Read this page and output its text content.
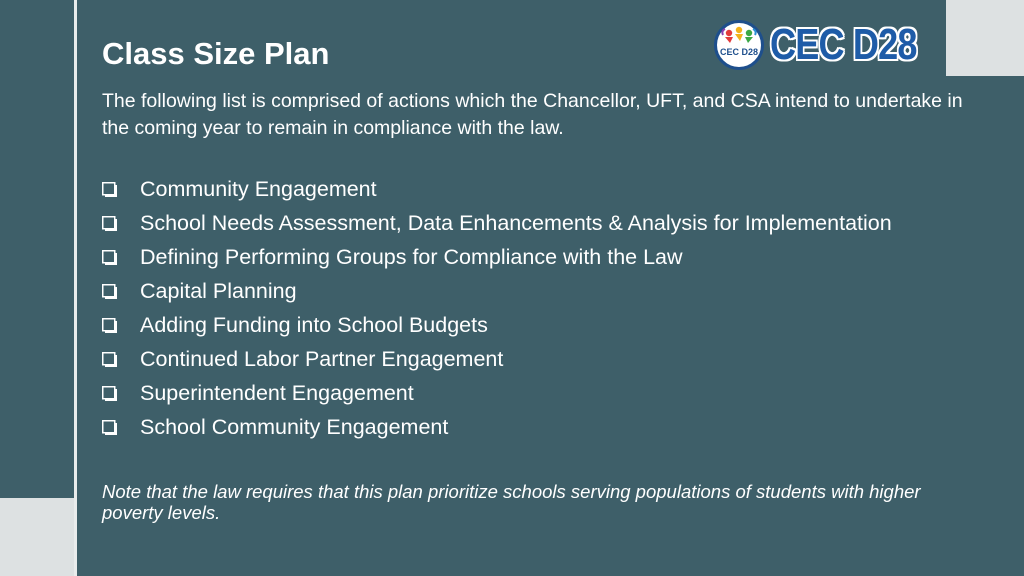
CEC D28 CEC D28
Class Size Plan

The following list is comprised of actions which the Chancellor, UFT, and CSA intend to undertake in the coming year to remain in compliance with the law.

Community Engagement
School Needs Assessment, Data Enhancements & Analysis for Implementation
Defining Performing Groups for Compliance with the Law
Capital Planning
Adding Funding into School Budgets
Continued Labor Partner Engagement
Superintendent Engagement
School Community Engagement

Note that the law requires that this plan prioritize schools serving populations of students with higher poverty levels.
